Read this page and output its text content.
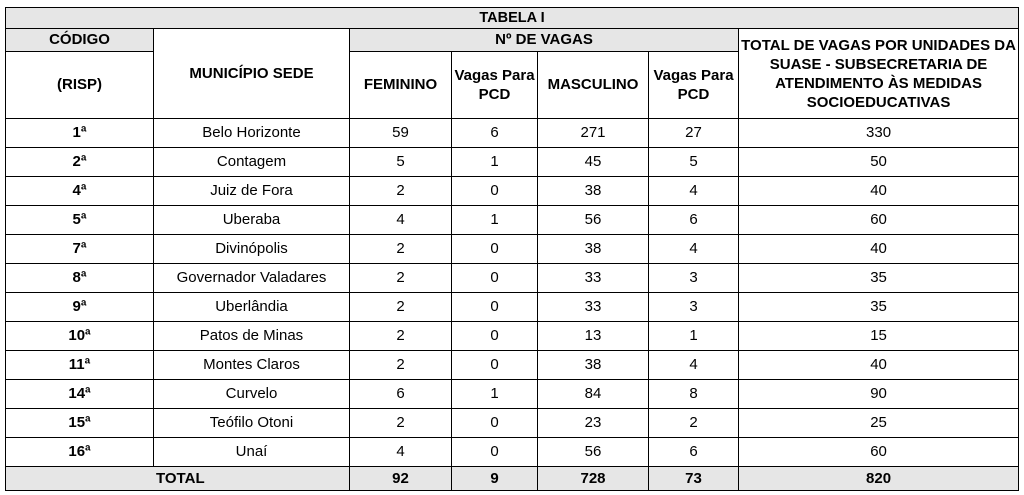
TABELA I						
CÓDIGO	MUNICÍPIO SEDE	Nº DE VAGAS				TOTAL DE VAGAS POR UNIDADES DA SUASE - SUBSECRETARIA DE ATENDIMENTO ÀS MEDIDAS SOCIOEDUCATIVAS
(RISP)		FEMININO	Vagas Para PCD	MASCULINO	Vagas Para PCD	
1ª	Belo Horizonte	59	6	271	27	330
2ª	Contagem	5	1	45	5	50
4ª	Juiz de Fora	2	0	38	4	40
5ª	Uberaba	4	1	56	6	60
7ª	Divinópolis	2	0	38	4	40
8ª	Governador Valadares	2	0	33	3	35
9ª	Uberlândia	2	0	33	3	35
10ª	Patos de Minas	2	0	13	1	15
11ª	Montes Claros	2	0	38	4	40
14ª	Curvelo	6	1	84	8	90
15ª	Teófilo Otoni	2	0	23	2	25
16ª	Unaí	4	0	56	6	60
TOTAL		92	9	728	73	820
